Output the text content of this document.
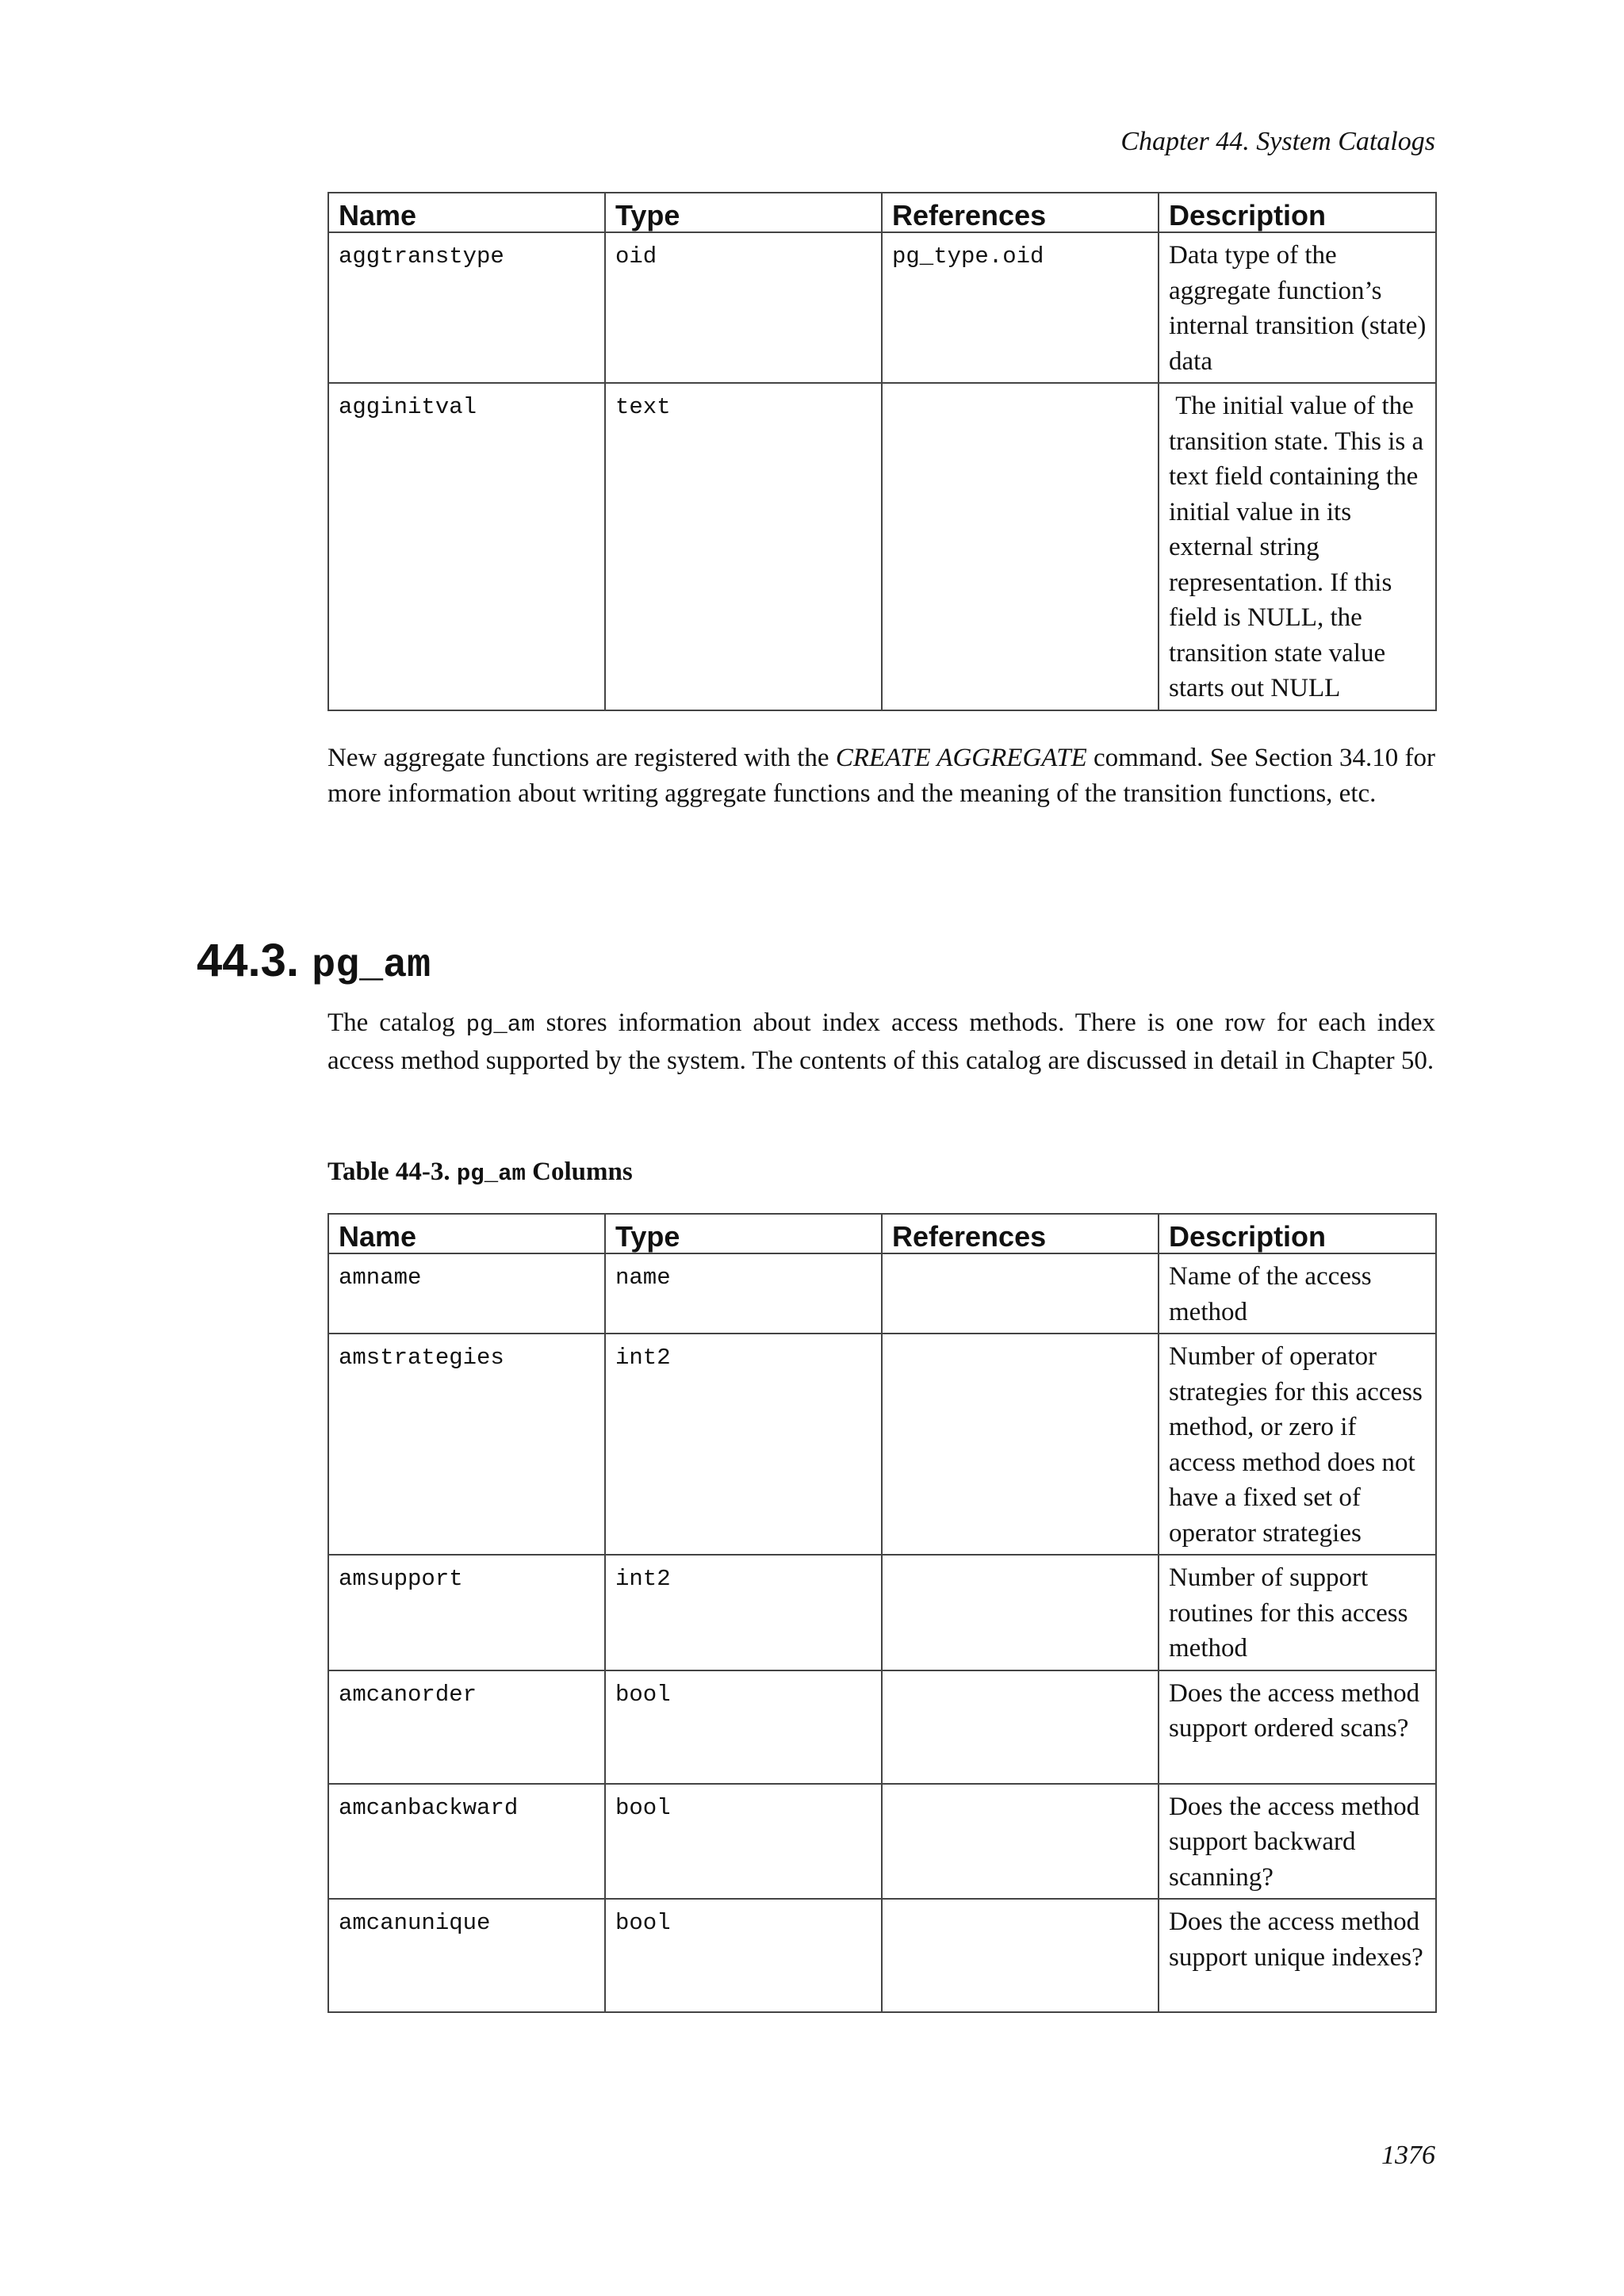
Chapter 44. System Catalogs
Name	Type	References	Description
aggtranstype	oid	pg_type.oid	Data type of the aggregate function’s internal transition (state) data
agginitval	text		The initial value of the transition state. This is a text field containing the initial value in its external string representation. If this field is NULL, the transition state value starts out NULL

New aggregate functions are registered with the CREATE AGGREGATE command. See Section 34.10 for more information about writing aggregate functions and the meaning of the transition functions, etc.

44.3. pg_am

The catalog pg_am stores information about index access methods. There is one row for each index access method supported by the system. The contents of this catalog are discussed in detail in Chapter 50.

Table 44-3. pg_am Columns

Name	Type	References	Description
amname	name		Name of the access method
amstrategies	int2		Number of operator strategies for this access method, or zero if access method does not have a fixed set of operator strategies
amsupport	int2		Number of support routines for this access method
amcanorder	bool		Does the access method support ordered scans?
amcanbackward	bool		Does the access method support backward scanning?
amcanunique	bool		Does the access method support unique indexes?
1376
